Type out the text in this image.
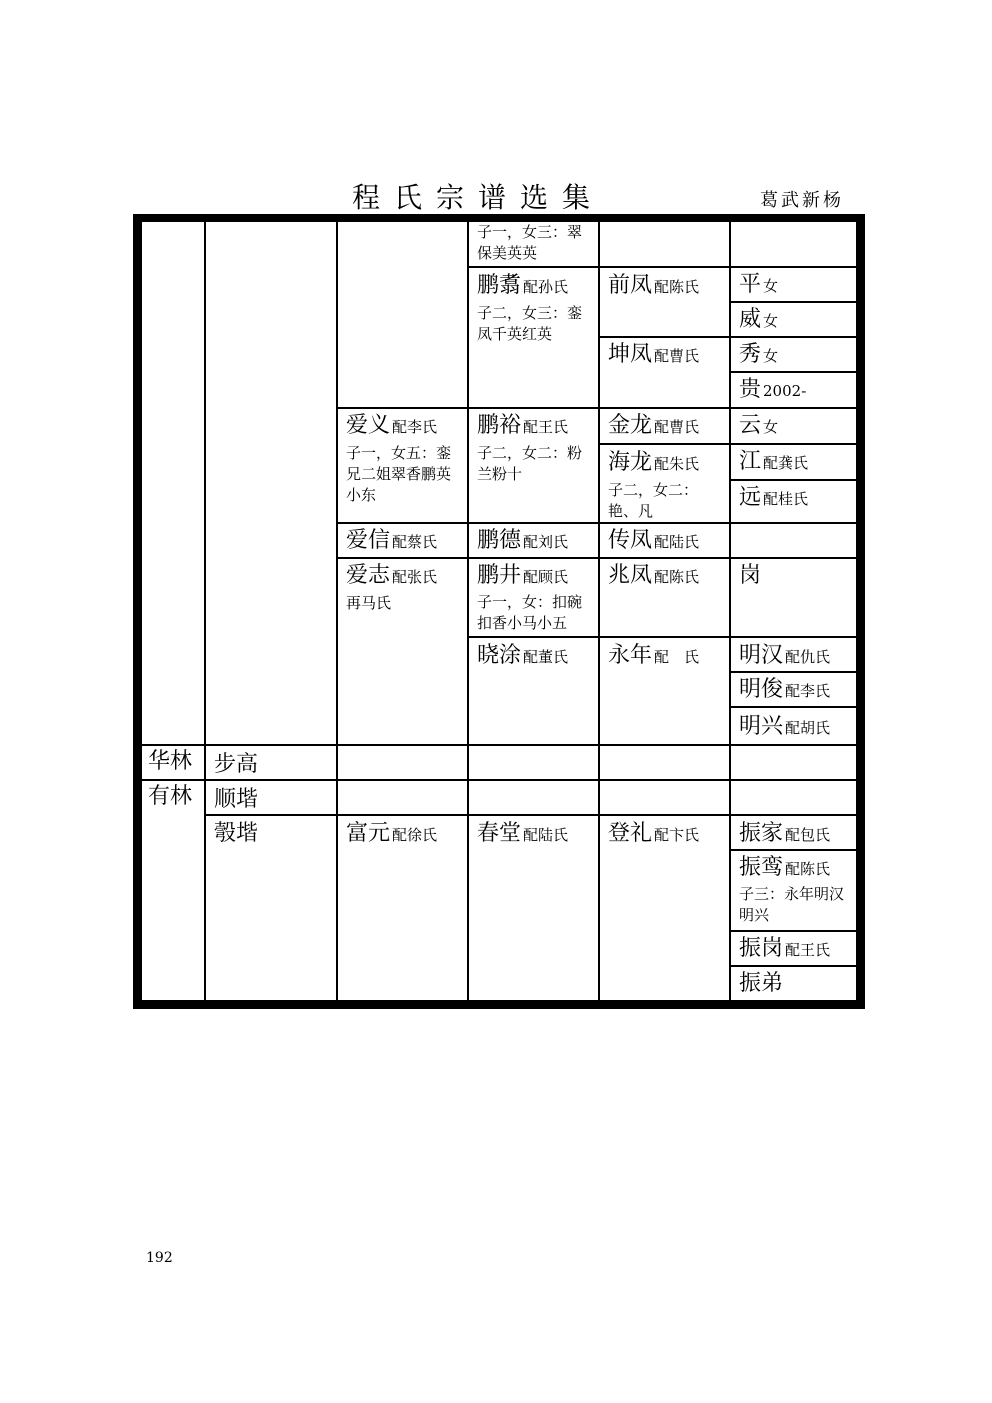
程氏宗谱选集	葛武新杨
华林
有林
步高
顺堦
彀堦
爱义 配李氏
子一，女五：銮兄二姐翠香鹏英小东
爱信 配蔡氏
爱志 配张氏
再马氏
富元 配徐氏
子一，女三：翠保美英英
鹏翥 配孙氏
子二，女三：銮凤千英红英
鹏裕 配王氏
子二，女二：粉兰粉十
鹏德 配刘氏
鹏井 配顾氏
子一，女：扣碗扣香小马小五
晓涂 配董氏
春堂 配陆氏
前凤 配陈氏
坤凤 配曹氏
金龙 配曹氏
海龙 配朱氏
子二，女二：艳、凡
传凤 配陆氏
兆凤 配陈氏
永年 配　氏
登礼 配卞氏
平 女
威 女
秀 女
贵 2002-
云 女
江 配龚氏
远 配桂氏
岗
明汉 配仇氏
明俊 配李氏
明兴 配胡氏
振家 配包氏
振鸾 配陈氏
子三：永年明汉明兴
振岗 配王氏
振弟
192
